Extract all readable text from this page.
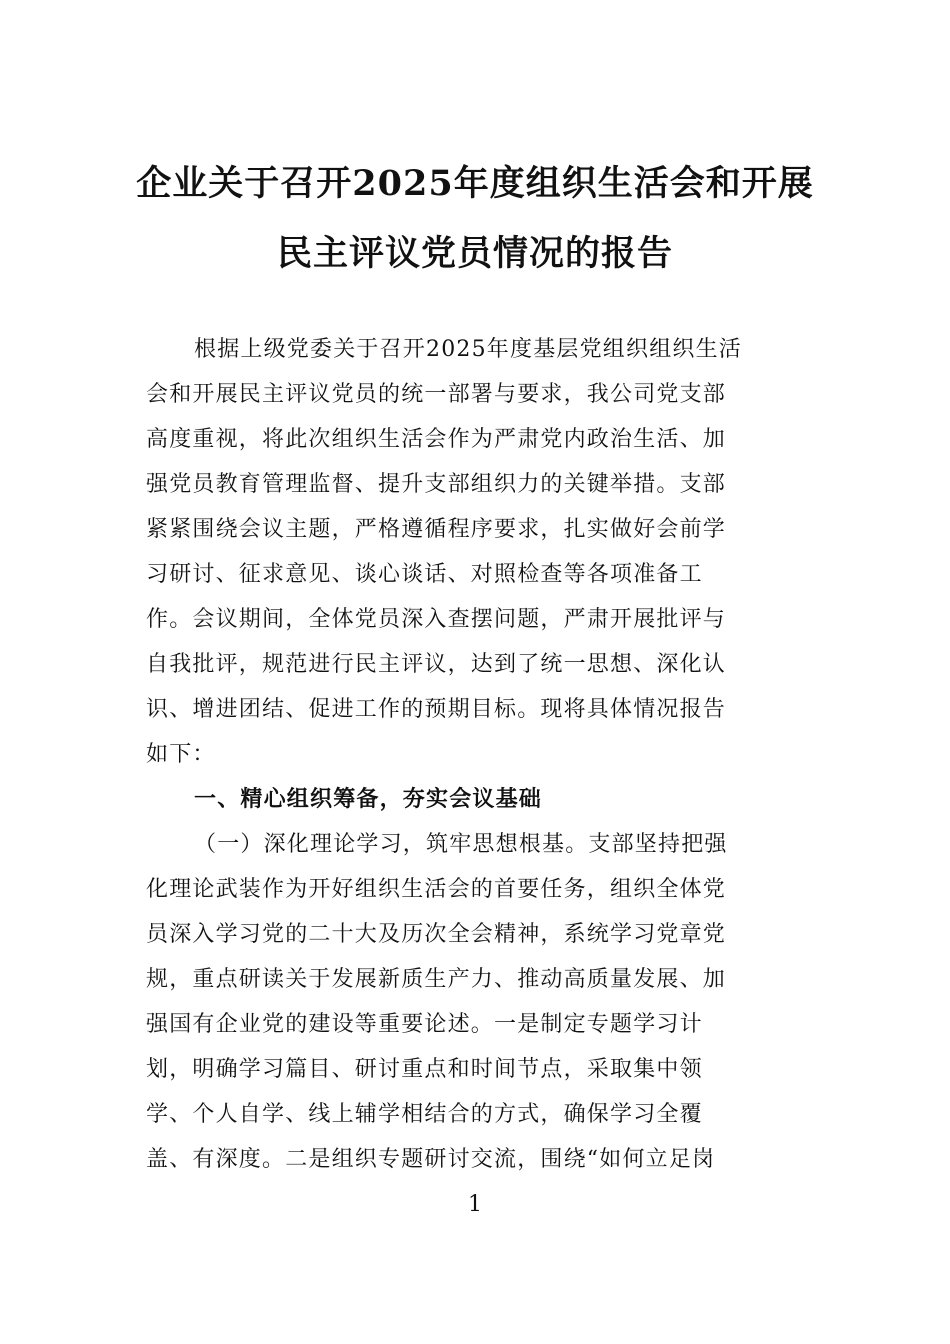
企业关于召开2025年度组织生活会和开展
民主评议党员情况的报告
根据上级党委关于召开2025年度基层党组织组织生活
会和开展民主评议党员的统一部署与要求，我公司党支部
高度重视，将此次组织生活会作为严肃党内政治生活、加
强党员教育管理监督、提升支部组织力的关键举措。支部
紧紧围绕会议主题，严格遵循程序要求，扎实做好会前学
习研讨、征求意见、谈心谈话、对照检查等各项准备工
作。会议期间，全体党员深入查摆问题，严肃开展批评与
自我批评，规范进行民主评议，达到了统一思想、深化认
识、增进团结、促进工作的预期目标。现将具体情况报告
如下：
一、精心组织筹备，夯实会议基础
（一）深化理论学习，筑牢思想根基。支部坚持把强
化理论武装作为开好组织生活会的首要任务，组织全体党
员深入学习党的二十大及历次全会精神，系统学习党章党
规，重点研读关于发展新质生产力、推动高质量发展、加
强国有企业党的建设等重要论述。一是制定专题学习计
划，明确学习篇目、研讨重点和时间节点，采取集中领
学、个人自学、线上辅学相结合的方式，确保学习全覆
盖、有深度。二是组织专题研讨交流，围绕“如何立足岗
1
